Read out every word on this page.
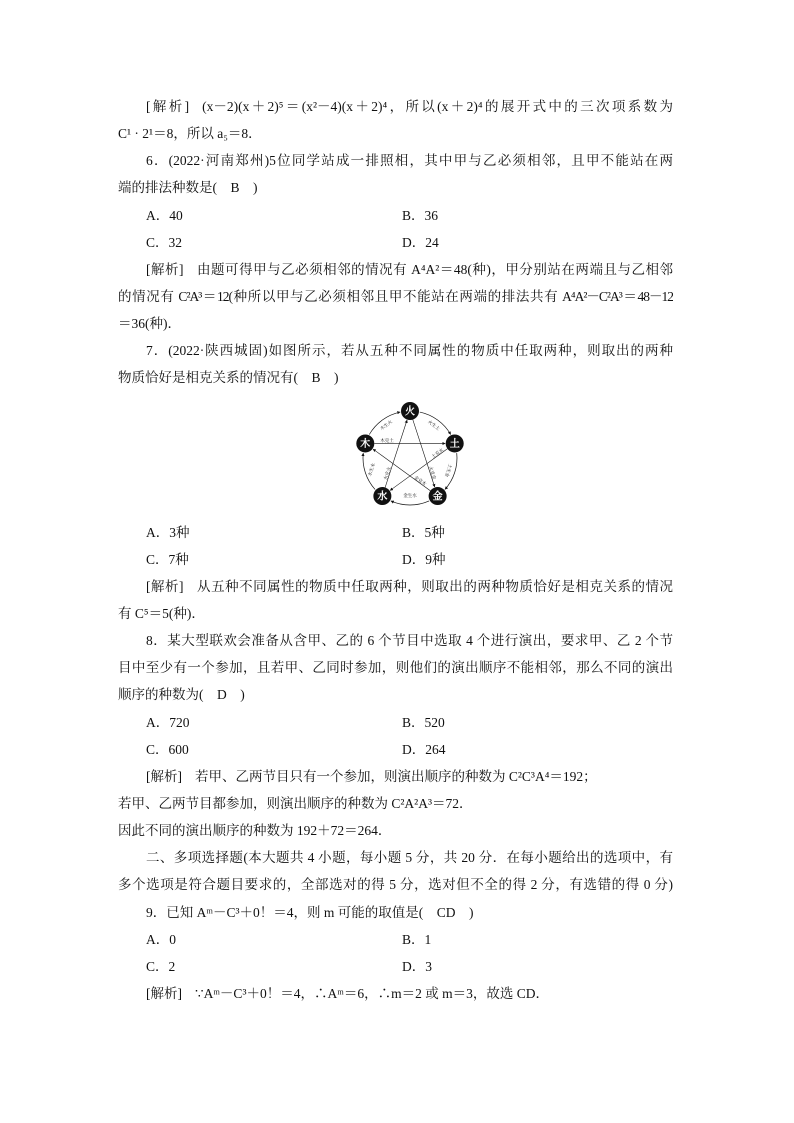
[解析] (x－2)(x＋2)⁵＝(x²－4)(x＋2)⁴，所以(x＋2)⁴的展开式中的三次项系数为
C¹ · 2¹＝8，所以 a₅＝8．
6．(2022·河南郑州)5位同学站成一排照相，其中甲与乙必须相邻，且甲不能站在两
端的排法种数是(　B　)
A．40	B．36
C．32	D．24
[解析] 由题可得甲与乙必须相邻的情况有 A⁴A²＝48(种)，甲分别站在两端且与乙相邻
的情况有 C²A³＝12(种所以甲与乙必须相邻且甲不能站在两端的排法共有 A⁴A²－C²A³＝48－12
＝36(种)．
7．(2022·陕西城固)如图所示，若从五种不同属性的物质中任取两种，则取出的两种
物质恰好是相克关系的情况有(　B　)
木生火	火生土
土生金
金生水
水生木
木克土
土克水
水克火	火克金
金克木
火
土
金
水
木
A．3种	B．5种
C．7种	D．9种
[解析] 从五种不同属性的物质中任取两种，则取出的两种物质恰好是相克关系的情况
有 C⁵＝5(种)．
8．某大型联欢会准备从含甲、乙的 6 个节目中选取 4 个进行演出，要求甲、乙 2 个节
目中至少有一个参加，且若甲、乙同时参加，则他们的演出顺序不能相邻，那么不同的演出
顺序的种数为(　D　)
A．720	B．520
C．600	D．264
[解析] 若甲、乙两节目只有一个参加，则演出顺序的种数为 C²C³A⁴＝192；
若甲、乙两节目都参加，则演出顺序的种数为 C²A²A³＝72．
因此不同的演出顺序的种数为 192＋72＝264．
二、多项选择题(本大题共 4 小题，每小题 5 分，共 20 分．在每小题给出的选项中，有
多个选项是符合题目要求的，全部选对的得 5 分，选对但不全的得 2 分，有选错的得 0 分)
9．已知 Aᵐ－C³＋0！＝4，则 m 可能的取值是(　CD　)
A．0	B．1
C．2	D．3
[解析] ∵Aᵐ－C³＋0！＝4，∴Aᵐ＝6，∴m＝2 或 m＝3，故选 CD．
